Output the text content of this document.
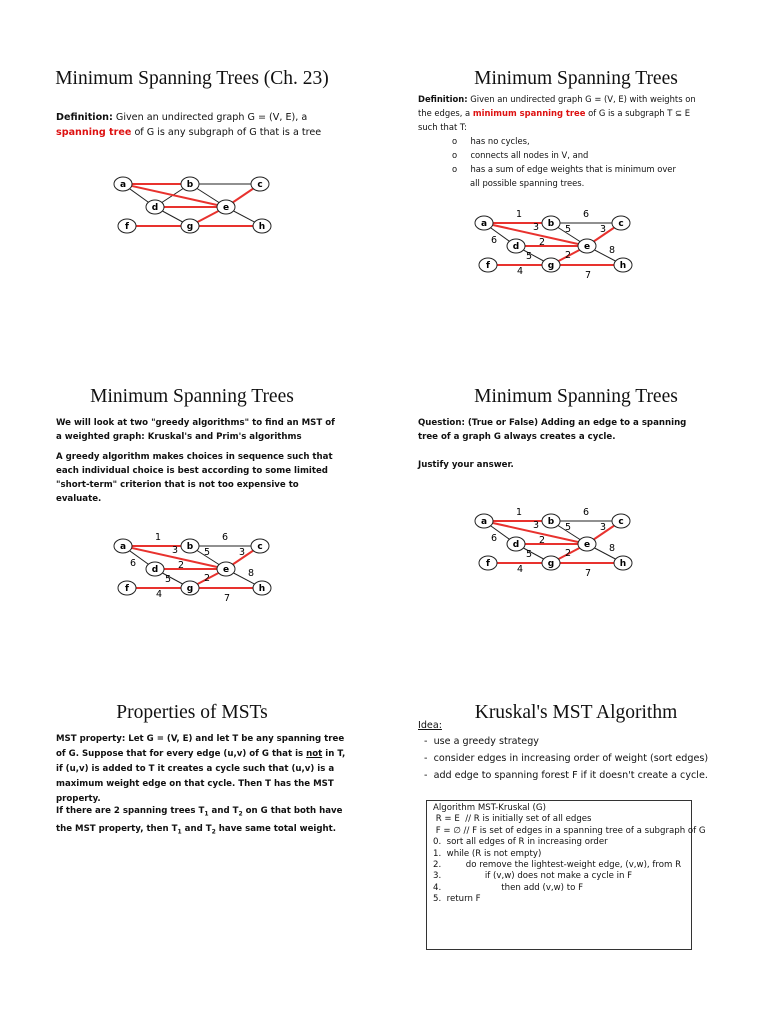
Minimum Spanning Trees (Ch. 23)
Definition: Given an undirected graph G = (V, E), a
spanning tree of G is any subgraph of G that is a tree
a	b	c
d	e
f	g	h
Minimum Spanning Trees
Definition: Given an undirected graph G = (V, E) with weights on
the edges, a minimum spanning tree of G is a subgraph T ⊆ E
such that T:
o     has no cycles,
o     connects all nodes in V, and
o     has a sum of edge weights that is minimum over
all possible spanning trees.
1	6
3	5	3
6	2
8
5	2
4	7
a	b	c
d	e
f	g	h
Minimum Spanning Trees
We will look at two "greedy algorithms" to find an MST of a weighted graph: Kruskal's and Prim's algorithms
A greedy algorithm makes choices in sequence such that each individual choice is best according to some limited "short-term" criterion that is not too expensive to evaluate.
1	6
3	5	3
6	2
8
5	2
4	7
a	b	c
d	e
f	g	h
Minimum Spanning Trees
Question: (True or False) Adding an edge to a spanning tree of a graph G always creates a cycle.
Justify your answer.
1	6
3	5	3
6	2
8
5	2
4	7
a	b	c
d	e
f	g	h
Properties of MSTs
MST property: Let G = (V, E) and let T be any spanning tree of G. Suppose that for every edge (u,v) of G that is not in T, if (u,v) is added to T it creates a cycle such that (u,v) is a maximum weight edge on that cycle. Then T has the MST property.
If there are 2 spanning trees $T_1$ and $T_2$ on G that both have the MST property, then $T_1$ and $T_2$ have same total weight.
Kruskal's MST Algorithm
Idea:
-  use a greedy strategy
-  consider edges in increasing order of weight (sort edges)
-  add edge to spanning forest F if it doesn't create a cycle.
Algorithm MST-Kruskal (G)
R = E  // R is initially set of all edges
F = ∅ // F is set of edges in a spanning tree of a subgraph of G
0.  sort all edges of R in increasing order
1.  while (R is not empty)
2.         do remove the lightest-weight edge, (v,w), from R
3.                if (v,w) does not make a cycle in F
4.                      then add (v,w) to F
5.  return F
